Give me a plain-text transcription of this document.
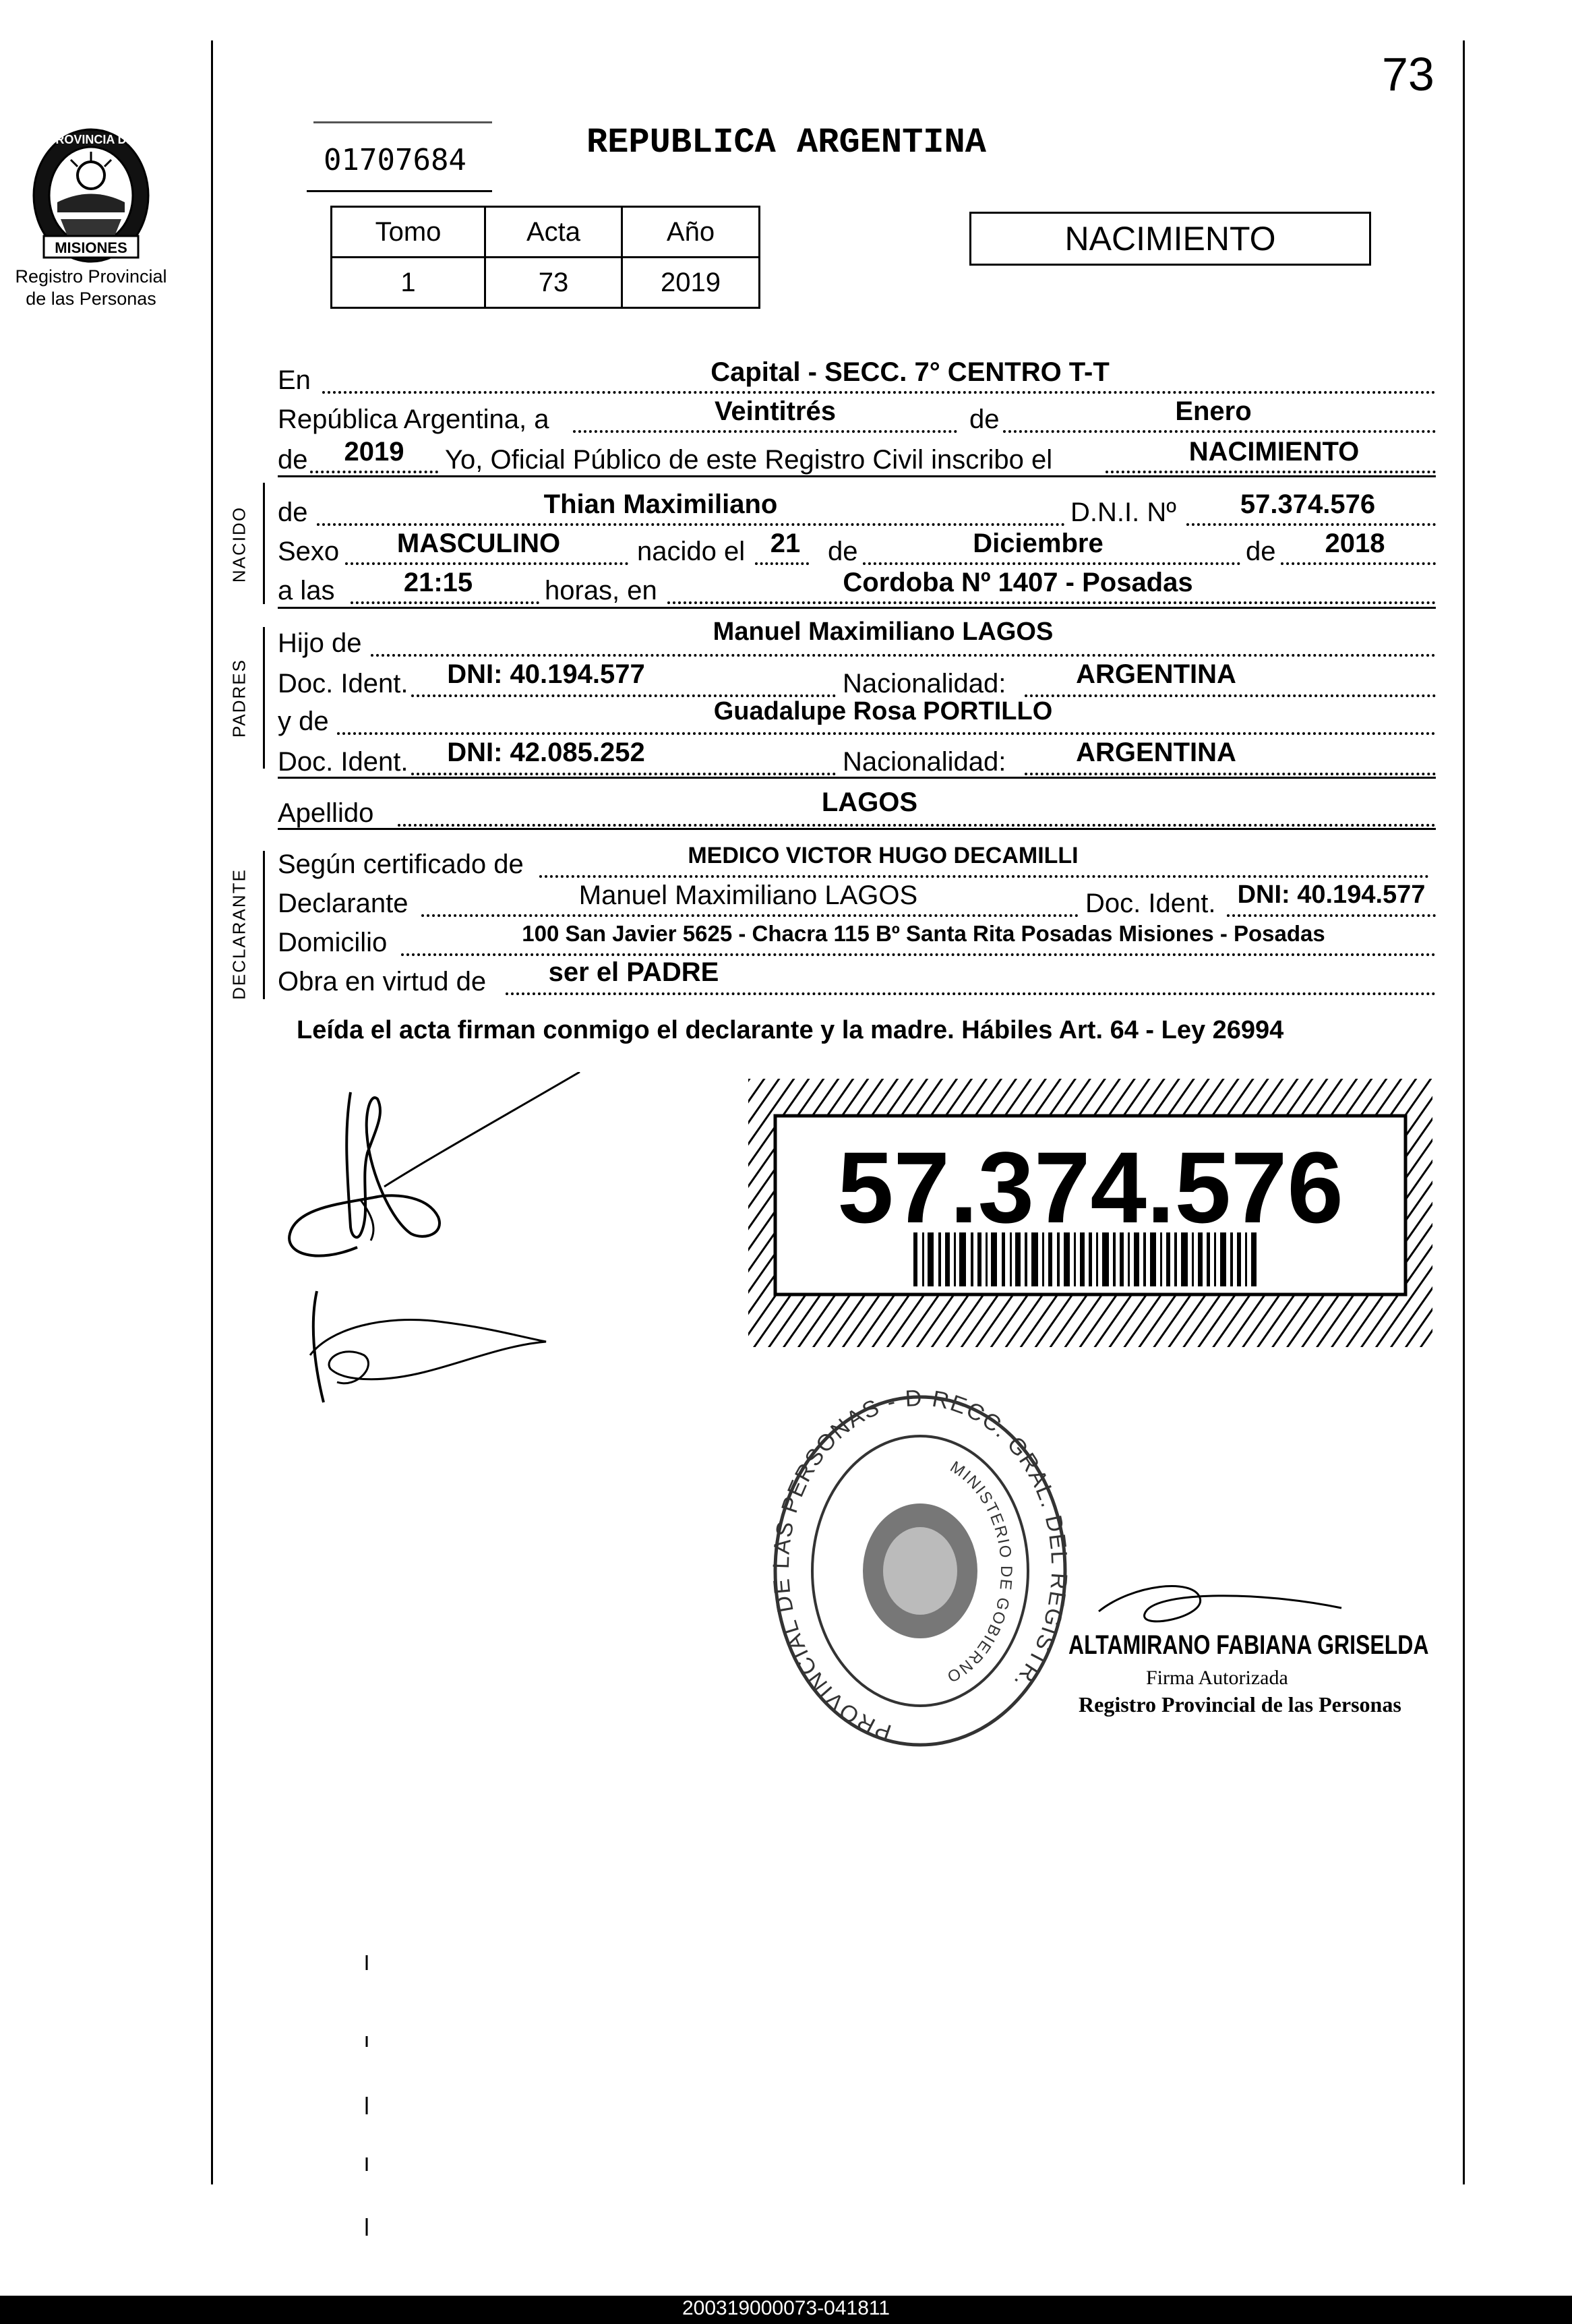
73
PROVINCIA DE
MISIONES
Registro Provincial
de las Personas
01707684	REPUBLICA ARGENTINA
Tomo	Acta	Año
1	73	2019
NACIMIENTO
En	Capital - SECC. 7° CENTRO T-T
República Argentina, a	Veintitrés	de	Enero
de	2019	Yo, Oficial Público de este Registro Civil inscribo el	NACIMIENTO
NACIDO de	Thian Maximiliano	D.N.I. Nº	57.374.576
Sexo	MASCULINO	nacido el 21	de	Diciembre	de	2018
a las	21:15	horas, en	Cordoba Nº 1407 - Posadas
PADRES
Hijo de	Manuel Maximiliano LAGOS
Doc. Ident.	DNI: 40.194.577	Nacionalidad:	ARGENTINA
y de	Guadalupe Rosa PORTILLO
Doc. Ident.	DNI: 42.085.252	Nacionalidad:	ARGENTINA
Apellido	LAGOS
DECLARANTE
Según certificado de	MEDICO VICTOR HUGO DECAMILLI
Declarante	Manuel Maximiliano LAGOS	Doc. Ident. DNI: 40.194.577
Domicilio	100 San Javier 5625 - Chacra 115 Bº Santa Rita Posadas Misiones - Posadas
Obra en virtud de	ser el PADRE
Leída el acta firman conmigo el declarante y la madre. Hábiles Art. 64 - Ley 26994
57.374.576
PROVINCIAL DE LAS PERSONAS - D RECC. GRAL. DEL REGISTR.
MINISTERIO DE GOBIERNO
ALTAMIRANO FABIANA GRISELDA
Firma Autorizada
Registro Provincial de las Personas
200319000073-041811
